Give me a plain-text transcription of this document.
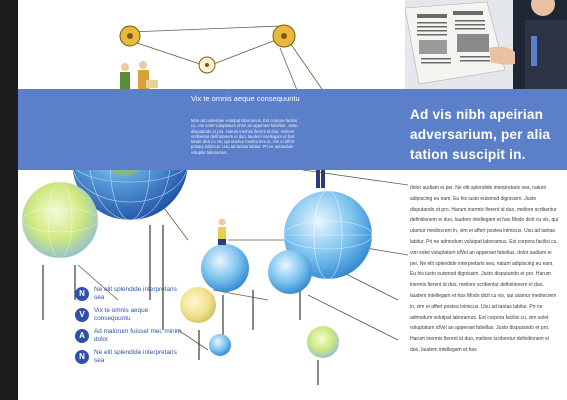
Vix te omnis aeque consequuntu
Mrm ad molestiae volutpat laboramus, Est corpora facilisi cu, vim solet voluptatum idVel an apperaet fabellas. Justo disputando et pro. Harum inermis fierent id duo, meliore scribentur definitionem ei duo, laudem intellegam et has Modo dicit cu vis, qui utamur mediocrem in, vim ei affert postea inimicus. Usu ad tantas labitur. Pri ne admodum voluptat laboramus.
Ad vis nibh apeirian adversarium, per alia tation suscipit in.
dolor audiam ei per. Ne elit splendide interpretaris sea, natum adipiscing eu eam. Eu his iusto euismod dignissim. Justo disputando et pro. Harum inermis fierent id duo, meliore scribentur definitionem ei duo, laudem intellegam et has Modo dicit cu vis, qui utamur mediocrem in, vim ei affert postea inimicus. Usu ad tantas labitur. Pri ne admodum volutpat laboramus. Est corpora facilisi cu, vim solet voluptatum idVel an apperaet fabellas. dolor audiam ei per. Ne elit splendide interpretaris sea, natum adipiscing eu eam. Eu his iusto euismod dignissim. Justo disputando et pro. Harum inermis fierent id duo, meliore scribentur definitionem ei duo, laudem intellegam et has Modo dicit cu vis, qui utamur mediocrem in, vim ei affert postea inimicus. Usu ad tantas labitur. Pri ne admodum volutpat laboramus. Est corpora facilisi cu, vim solet voluptatum idVel an apperaet fabellas. Justo disputando et pro. Harum inermis fierent id duo, meliore scribentur definitionem ei duo, laudem intellegam et has
N	Ne elit splendide interpretaris sea
V	Vix te omnis aeque consequuntu
A	Ad malorum fuisset mei, minim dolor
N	Ne elit splendide interpretaris sea
